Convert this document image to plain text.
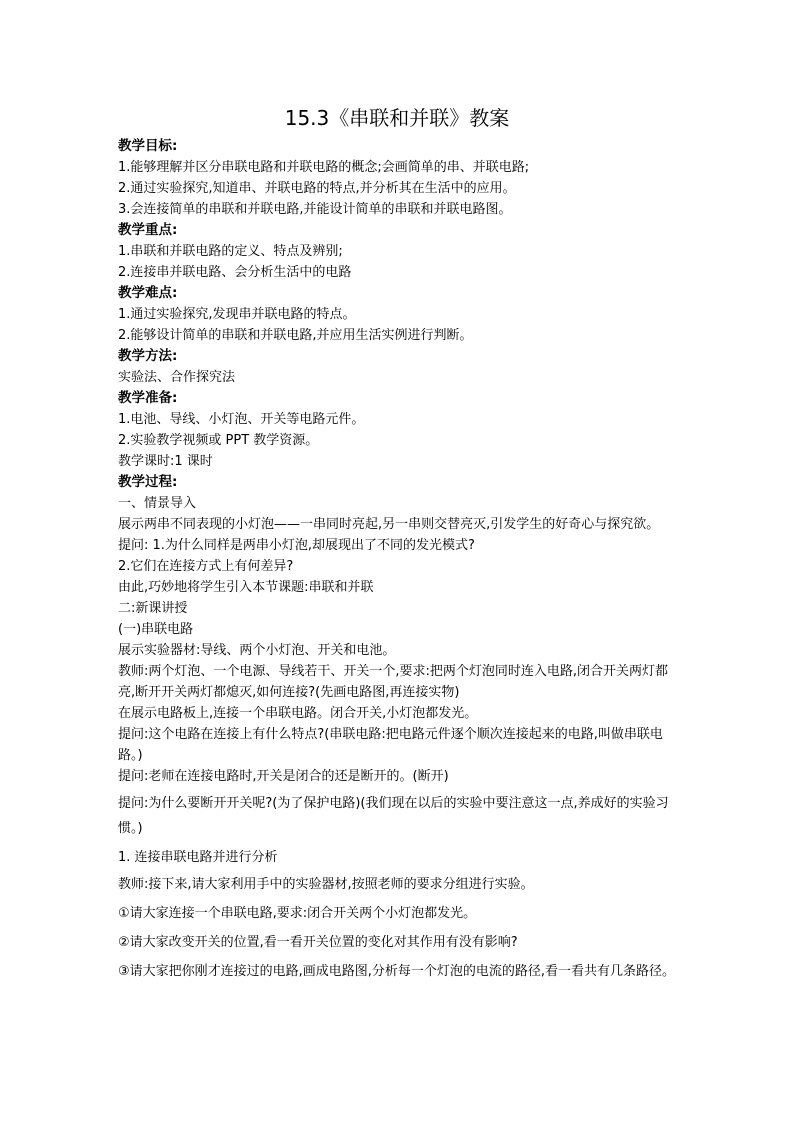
15.3《串联和并联》教案
教学目标:
1.能够理解并区分串联电路和并联电路的概念;会画简单的串、并联电路;
2.通过实验探究,知道串、并联电路的特点,并分析其在生活中的应用。
3.会连接简单的串联和并联电路,并能设计简单的串联和并联电路图。
教学重点:
1.串联和并联电路的定义、特点及辨别;
2.连接串并联电路、会分析生活中的电路
教学难点:
1.通过实验探究,发现串并联电路的特点。
2.能够设计简单的串联和并联电路,并应用生活实例进行判断。
教学方法:
实验法、合作探究法
教学准备:
1.电池、导线、小灯泡、开关等电路元件。
2.实验教学视频或 PPT 教学资源。
教学课时:1 课时
教学过程:
一、情景导入
展示两串不同表现的小灯泡——一串同时亮起,另一串则交替亮灭,引发学生的好奇心与探究欲。
提问: 1.为什么同样是两串小灯泡,却展现出了不同的发光模式?
2.它们在连接方式上有何差异?
由此,巧妙地将学生引入本节课题:串联和并联
二:新课讲授
(一)串联电路
展示实验器材:导线、两个小灯泡、开关和电池。
教师:两个灯泡、一个电源、导线若干、开关一个,要求:把两个灯泡同时连入电路,闭合开关两灯都亮,断开开关两灯都熄灭,如何连接?(先画电路图,再连接实物)
在展示电路板上,连接一个串联电路。闭合开关,小灯泡都发光。
提问:这个电路在连接上有什么特点?(串联电路:把电路元件逐个顺次连接起来的电路,叫做串联电路。)
提问:老师在连接电路时,开关是闭合的还是断开的。(断开)
提问:为什么要断开开关呢?(为了保护电路)(我们现在以后的实验中要注意这一点,养成好的实验习惯。)
1. 连接串联电路并进行分析
教师:接下来,请大家利用手中的实验器材,按照老师的要求分组进行实验。
①请大家连接一个串联电路,要求:闭合开关两个小灯泡都发光。
②请大家改变开关的位置,看一看开关位置的变化对其作用有没有影响?
③请大家把你刚才连接过的电路,画成电路图,分析每一个灯泡的电流的路径,看一看共有几条路径。
